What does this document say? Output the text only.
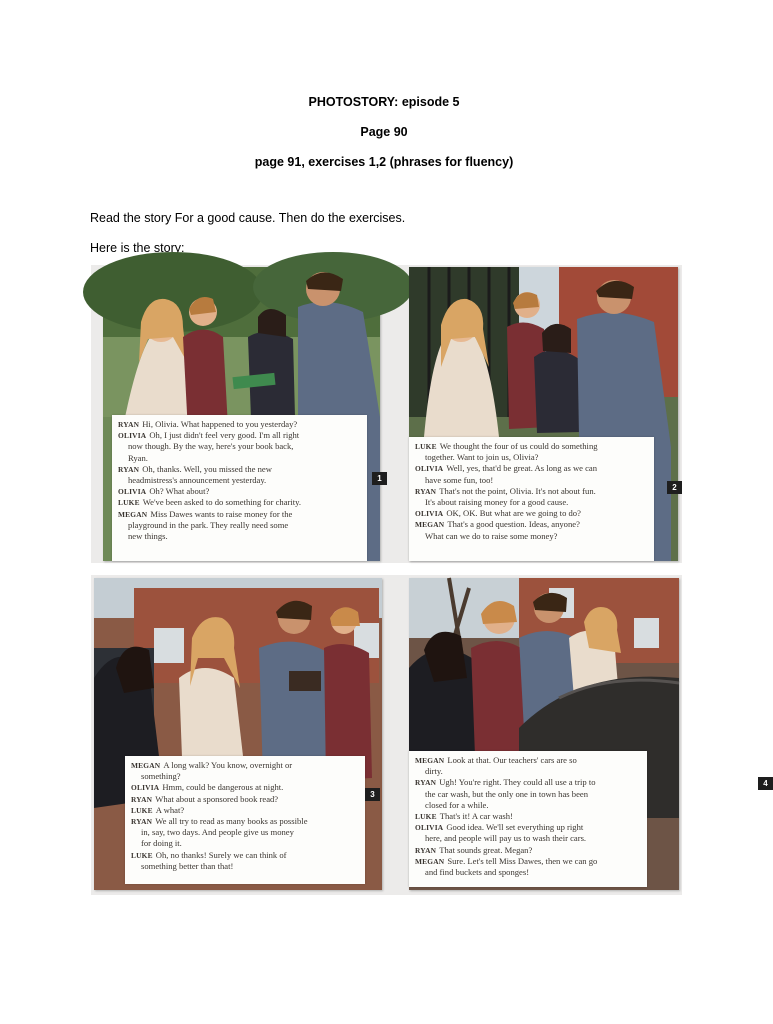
PHOTOSTORY: episode 5
Page 90
page 91, exercises 1,2 (phrases for fluency)
Read the story For a good cause. Then do the exercises.
Here is the story:
RYAN Hi, Olivia. What happened to you yesterday?
OLIVIA Oh, I just didn't feel very good. I'm all right
now though. By the way, here's your book back,
Ryan.
RYAN Oh, thanks. Well, you missed the new
headmistress's announcement yesterday.
OLIVIA Oh? What about?
LUKE We've been asked to do something for charity.
MEGAN Miss Dawes wants to raise money for the
playground in the park. They really need some
new things.
1
LUKE We thought the four of us could do something
together. Want to join us, Olivia?
OLIVIA Well, yes, that'd be great. As long as we can
have some fun, too!
RYAN That's not the point, Olivia. It's not about fun.
It's about raising money for a good cause.
OLIVIA OK, OK. But what are we going to do?
MEGAN That's a good question. Ideas, anyone?
What can we do to raise some money?
2
MEGAN A long walk? You know, overnight or
something?
OLIVIA Hmm, could be dangerous at night.
RYAN What about a sponsored book read?
LUKE A what?
RYAN We all try to read as many books as possible
in, say, two days. And people give us money
for doing it.
LUKE Oh, no thanks! Surely we can think of
something better than that!
3
MEGAN Look at that. Our teachers' cars are so
dirty.
RYAN Ugh! You're right. They could all use a trip to
the car wash, but the only one in town has been
closed for a while.
LUKE That's it! A car wash!
OLIVIA Good idea. We'll set everything up right
here, and people will pay us to wash their cars.
RYAN That sounds great. Megan?
MEGAN Sure. Let's tell Miss Dawes, then we can go
and find buckets and sponges!
4
